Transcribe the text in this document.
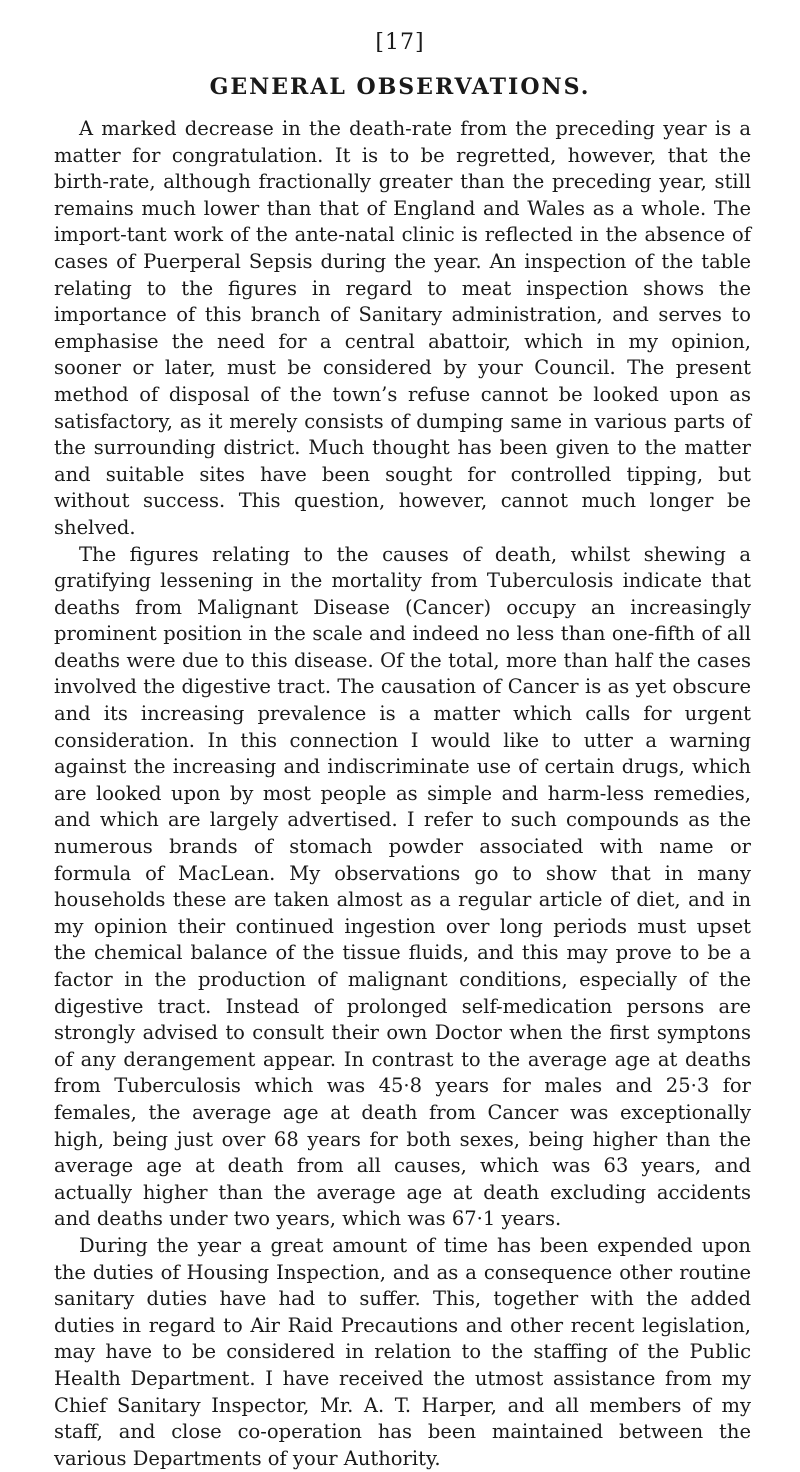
[17]
GENERAL OBSERVATIONS.

A marked decrease in the death-rate from the preceding year is a matter for congratulation. It is to be regretted, however, that the birth-rate, although fractionally greater than the preceding year, still remains much lower than that of England and Wales as a whole. The import-tant work of the ante-natal clinic is reflected in the absence of cases of Puerperal Sepsis during the year. An inspection of the table relating to the figures in regard to meat inspection shows the importance of this branch of Sanitary administration, and serves to emphasise the need for a central abattoir, which in my opinion, sooner or later, must be considered by your Council. The present method of disposal of the town’s refuse cannot be looked upon as satisfactory, as it merely consists of dumping same in various parts of the surrounding district. Much thought has been given to the matter and suitable sites have been sought for controlled tipping, but without success. This question, however, cannot much longer be shelved.

The figures relating to the causes of death, whilst shewing a gratifying lessening in the mortality from Tuberculosis indicate that deaths from Malignant Disease (Cancer) occupy an increasingly prominent position in the scale and indeed no less than one-fifth of all deaths were due to this disease. Of the total, more than half the cases involved the digestive tract. The causation of Cancer is as yet obscure and its increasing prevalence is a matter which calls for urgent consideration. In this connection I would like to utter a warning against the increasing and indiscriminate use of certain drugs, which are looked upon by most people as simple and harm-less remedies, and which are largely advertised. I refer to such compounds as the numerous brands of stomach powder associated with name or formula of MacLean. My observations go to show that in many households these are taken almost as a regular article of diet, and in my opinion their continued ingestion over long periods must upset the chemical balance of the tissue fluids, and this may prove to be a factor in the production of malignant conditions, especially of the digestive tract. Instead of prolonged self-medication persons are strongly advised to consult their own Doctor when the first symptons of any derangement appear. In contrast to the average age at deaths from Tuberculosis which was 45·8 years for males and 25·3 for females, the average age at death from Cancer was exceptionally high, being just over 68 years for both sexes, being higher than the average age at death from all causes, which was 63 years, and actually higher than the average age at death excluding accidents and deaths under two years, which was 67·1 years.

During the year a great amount of time has been expended upon the duties of Housing Inspection, and as a consequence other routine sanitary duties have had to suffer. This, together with the added duties in regard to Air Raid Precautions and other recent legislation, may have to be considered in relation to the staffing of the Public Health Department. I have received the utmost assistance from my Chief Sanitary Inspector, Mr. A. T. Harper, and all members of my staff, and close co-operation has been maintained between the various Departments of your Authority.
